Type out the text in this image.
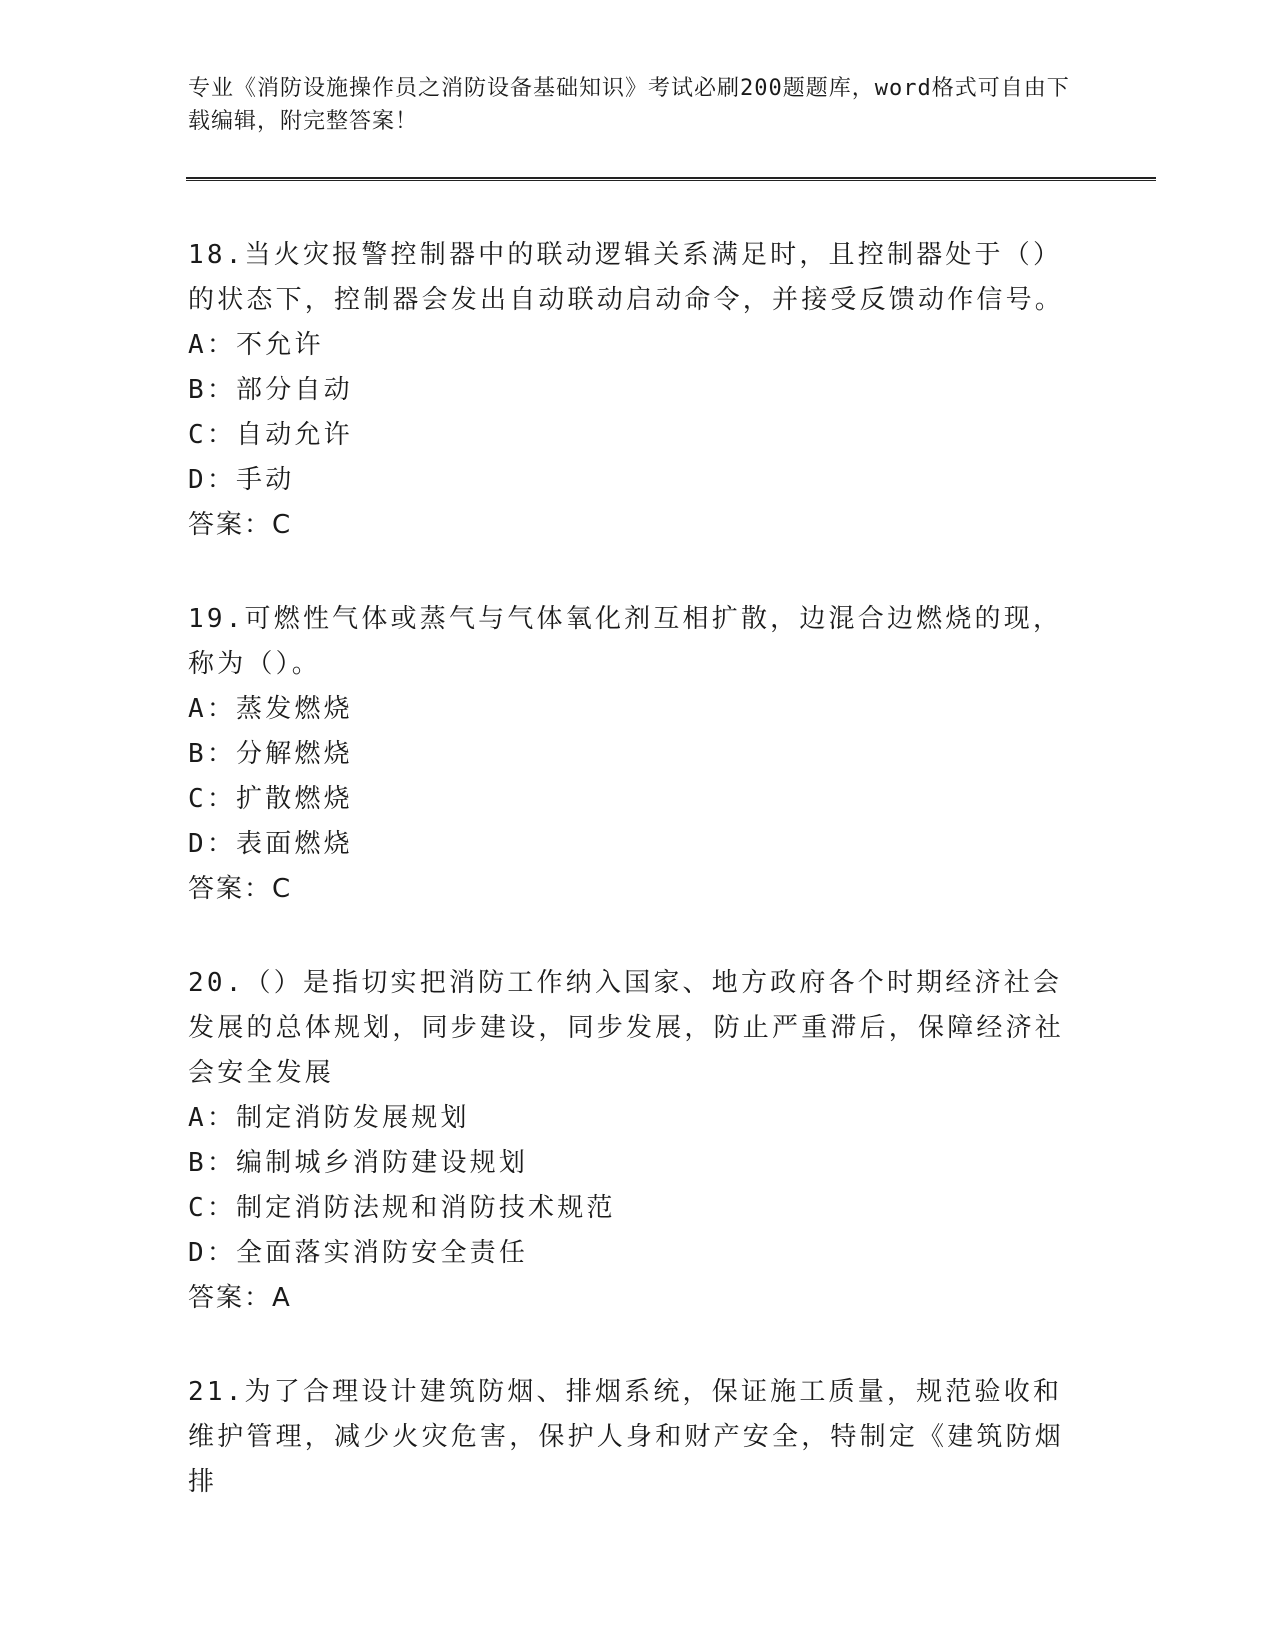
专业《消防设施操作员之消防设备基础知识》考试必刷200题题库，word格式可自由下载编辑，附完整答案！

18.当火灾报警控制器中的联动逻辑关系满足时，且控制器处于（）的状态下，控制器会发出自动联动启动命令，并接受反馈动作信号。

A：不允许

B：部分自动

C：自动允许

D：手动

答案：C

19.可燃性气体或蒸气与气体氧化剂互相扩散，边混合边燃烧的现，称为（）。

A：蒸发燃烧

B：分解燃烧

C：扩散燃烧

D：表面燃烧

答案：C

20.（）是指切实把消防工作纳入国家、地方政府各个时期经济社会发展的总体规划，同步建设，同步发展，防止严重滞后，保障经济社会安全发展

A：制定消防发展规划

B：编制城乡消防建设规划

C：制定消防法规和消防技术规范

D：全面落实消防安全责任

答案：A

21.为了合理设计建筑防烟、排烟系统，保证施工质量，规范验收和维护管理，减少火灾危害，保护人身和财产安全，特制定《建筑防烟排
